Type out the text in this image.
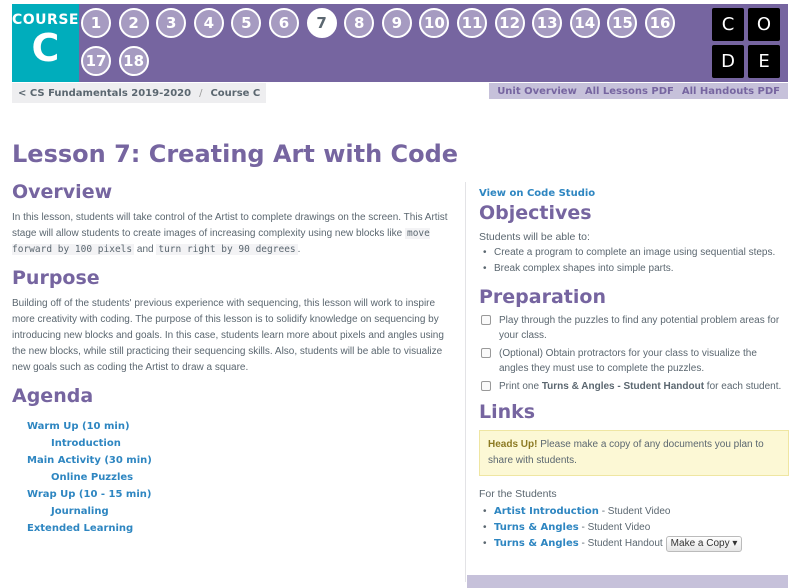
COURSE
C
1	2	3	4	5	6	7	8	9	10	11	12	13	14	15	16
17	18
C	O
D	E
< CS Fundamentals 2019-2020 / Course C	Unit Overview All Lessons PDF All Handouts PDF
Lesson 7: Creating Art with Code
Overview

In this lesson, students will take control of the Artist to complete drawings on the screen. This Artist stage will allow students to create images of increasing complexity using new blocks like move forward by 100 pixels and turn right by 90 degrees .

Purpose

Building off of the students' previous experience with sequencing, this lesson will work to inspire more creativity with coding. The purpose of this lesson is to solidify knowledge on sequencing by introducing new blocks and goals. In this case, students learn more about pixels and angles using the new blocks, while still practicing their sequencing skills. Also, students will be able to visualize new goals such as coding the Artist to draw a square.

Agenda
Warm Up (10 min)
Introduction
Main Activity (30 min)
Online Puzzles
Wrap Up (10 - 15 min)
Journaling
Extended Learning
View on Code Studio
Objectives
Students will be able to:
• Create a program to complete an image using sequential steps.
• Break complex shapes into simple parts.
Preparation
Play through the puzzles to find any potential problem areas for your class.
(Optional) Obtain protractors for your class to visualize the angles they must use to complete the puzzles.
Print one Turns & Angles - Student Handout for each student.
Links
Heads Up! Please make a copy of any documents you plan to share with students.
For the Students
• Artist Introduction - Student Video
• Turns & Angles - Student Video
• Turns & Angles - Student Handout Make a Copy ▾
